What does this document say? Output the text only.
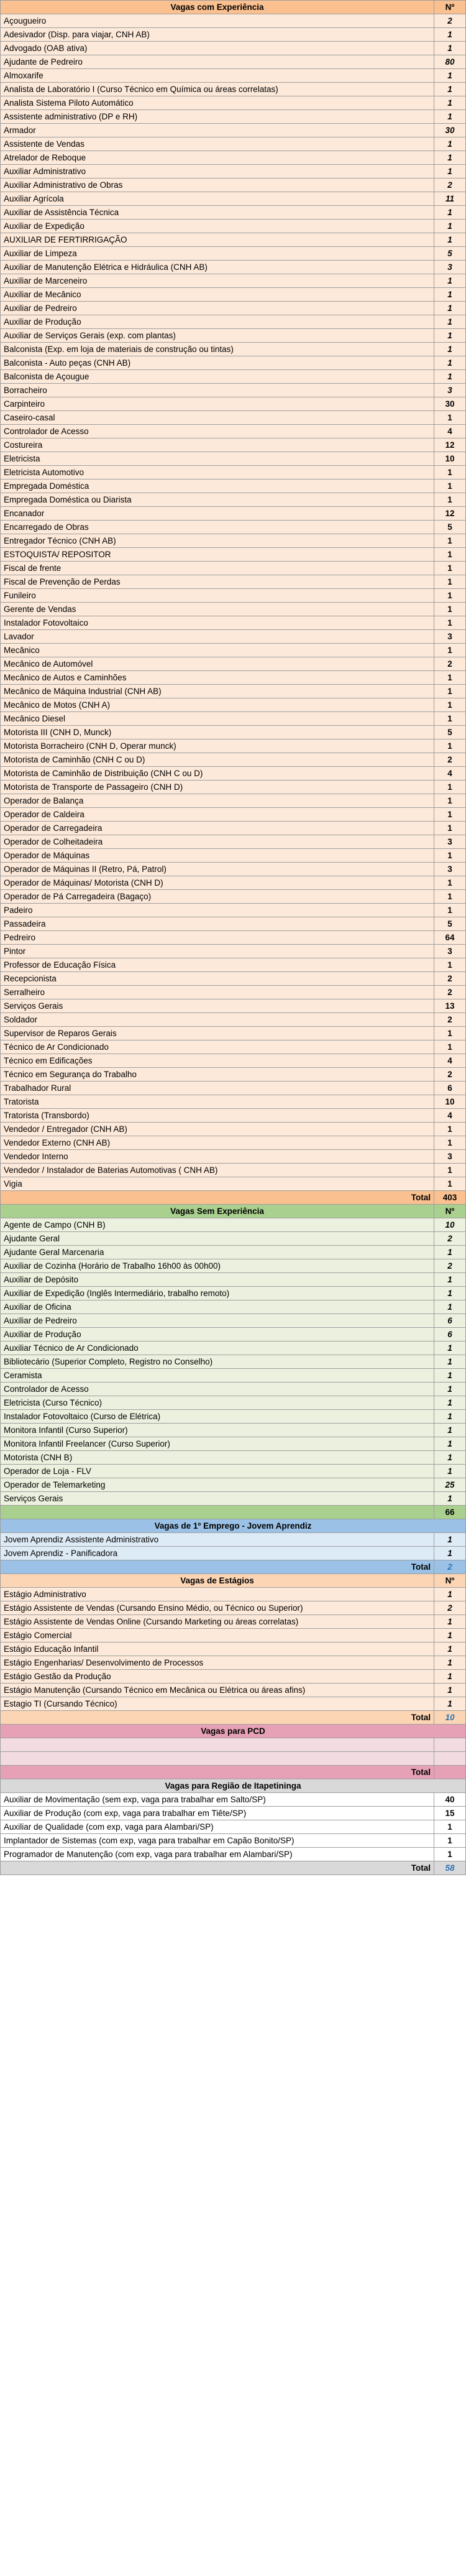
Vagas com Experiência	Nº
Açougueiro	2
Adesivador (Disp. para viajar, CNH AB)	1
Advogado (OAB ativa)	1
Ajudante de Pedreiro	80
Almoxarife	1
Analista de Laboratório I (Curso Técnico em Química ou áreas correlatas)	1
Analista Sistema Piloto Automático	1
Assistente administrativo (DP e RH)	1
Armador	30
Assistente de Vendas	1
Atrelador de Reboque	1
Auxiliar Administrativo	1
Auxiliar Administrativo de Obras	2
Auxiliar Agrícola	11
Auxiliar de Assistência Técnica	1
Auxiliar de Expedição	1
AUXILIAR DE FERTIRRIGAÇÃO	1
Auxiliar de Limpeza	5
Auxiliar de Manutenção Elétrica e Hidráulica (CNH AB)	3
Auxiliar de Marceneiro	1
Auxiliar de Mecânico	1
Auxiliar de Pedreiro	1
Auxiliar de Produção	1
Auxiliar de Serviços Gerais (exp. com plantas)	1
Balconista (Exp. em loja de materiais de construção ou tintas)	1
Balconista - Auto peças (CNH AB)	1
Balconista de Açougue	1
Borracheiro	3
Carpinteiro	30
Caseiro-casal	1
Controlador de Acesso	4
Costureira	12
Eletricista	10
Eletricista Automotivo	1
Empregada Doméstica	1
Empregada Doméstica ou Diarista	1
Encanador	12
Encarregado de Obras	5
Entregador Técnico (CNH AB)	1
ESTOQUISTA/ REPOSITOR	1
Fiscal de frente	1
Fiscal de Prevenção de Perdas	1
Funileiro	1
Gerente de Vendas	1
Instalador Fotovoltaico	1
Lavador	3
Mecânico	1
Mecânico de Automóvel	2
Mecânico de Autos e Caminhões	1
Mecânico de Máquina Industrial (CNH AB)	1
Mecânico de Motos (CNH A)	1
Mecânico Diesel	1
Motorista III (CNH D, Munck)	5
Motorista Borracheiro (CNH D, Operar munck)	1
Motorista de Caminhão (CNH C ou D)	2
Motorista de Caminhão de Distribuição (CNH C ou D)	4
Motorista de Transporte de Passageiro (CNH D)	1
Operador de Balança	1
Operador de Caldeira	1
Operador de Carregadeira	1
Operador de Colheitadeira	3
Operador de Máquinas	1
Operador de Máquinas II (Retro, Pá, Patrol)	3
Operador de Máquinas/ Motorista (CNH D)	1
Operador de Pá Carregadeira (Bagaço)	1
Padeiro	1
Passadeira	5
Pedreiro	64
Pintor	3
Professor de Educação Física	1
Recepcionista	2
Serralheiro	2
Serviços Gerais	13
Soldador	2
Supervisor de Reparos Gerais	1
Técnico de Ar Condicionado	1
Técnico em Edificações	4
Técnico em Segurança do Trabalho	2
Trabalhador Rural	6
Tratorista	10
Tratorista (Transbordo)	4
Vendedor / Entregador (CNH AB)	1
Vendedor Externo (CNH AB)	1
Vendedor Interno	3
Vendedor / Instalador de Baterias Automotivas ( CNH AB)	1
Vigia	1
Total	403
Vagas Sem Experiência	Nº
Agente de Campo (CNH B)	10
Ajudante Geral	2
Ajudante Geral Marcenaria	1
Auxiliar de Cozinha (Horário de Trabalho 16h00 às 00h00)	2
Auxiliar de Depósito	1
Auxiliar de Expedição (Inglês Intermediário, trabalho remoto)	1
Auxiliar de Oficina	1
Auxiliar de Pedreiro	6
Auxiliar de Produção	6
Auxiliar Técnico de Ar Condicionado	1
Bibliotecário (Superior Completo, Registro no Conselho)	1
Ceramista	1
Controlador de Acesso	1
Eletricista (Curso Técnico)	1
Instalador Fotovoltaico (Curso de Elétrica)	1
Monitora Infantil (Curso Superior)	1
Monitora Infantil Freelancer (Curso Superior)	1
Motorista (CNH B)	1
Operador de Loja - FLV	1
Operador de Telemarketing	25
Serviços Gerais	1
	66
Vagas de 1º Emprego - Jovem Aprendiz	
Jovem Aprendiz Assistente Administrativo	1
Jovem Aprendiz - Panificadora	1
Total	2
Vagas de Estágios	Nº
Estágio Administrativo	1
Estágio Assistente de Vendas (Cursando Ensino Médio, ou Técnico ou Superior)	2
Estágio Assistente de Vendas Online (Cursando Marketing ou áreas correlatas)	1
Estágio Comercial	1
Estágio Educação Infantil	1
Estágio Engenharias/ Desenvolvimento de Processos	1
Estágio Gestão da Produção	1
Estágio Manutenção (Cursando Técnico em Mecânica ou Elétrica ou áreas afins)	1
Estagio TI (Cursando Técnico)	1
Total	10
Vagas para PCD	

Total	
Vagas para Região de Itapetininga	
Auxiliar de Movimentação (sem exp, vaga para trabalhar em Salto/SP)	40
Auxiliar de Produção (com exp, vaga para trabalhar em Tiête/SP)	15
Auxiliar de Qualidade (com exp, vaga para Alambari/SP)	1
Implantador de Sistemas (com exp, vaga para trabalhar em Capão Bonito/SP)	1
Programador de Manutenção (com exp, vaga para trabalhar em Alambari/SP)	1
Total	58
